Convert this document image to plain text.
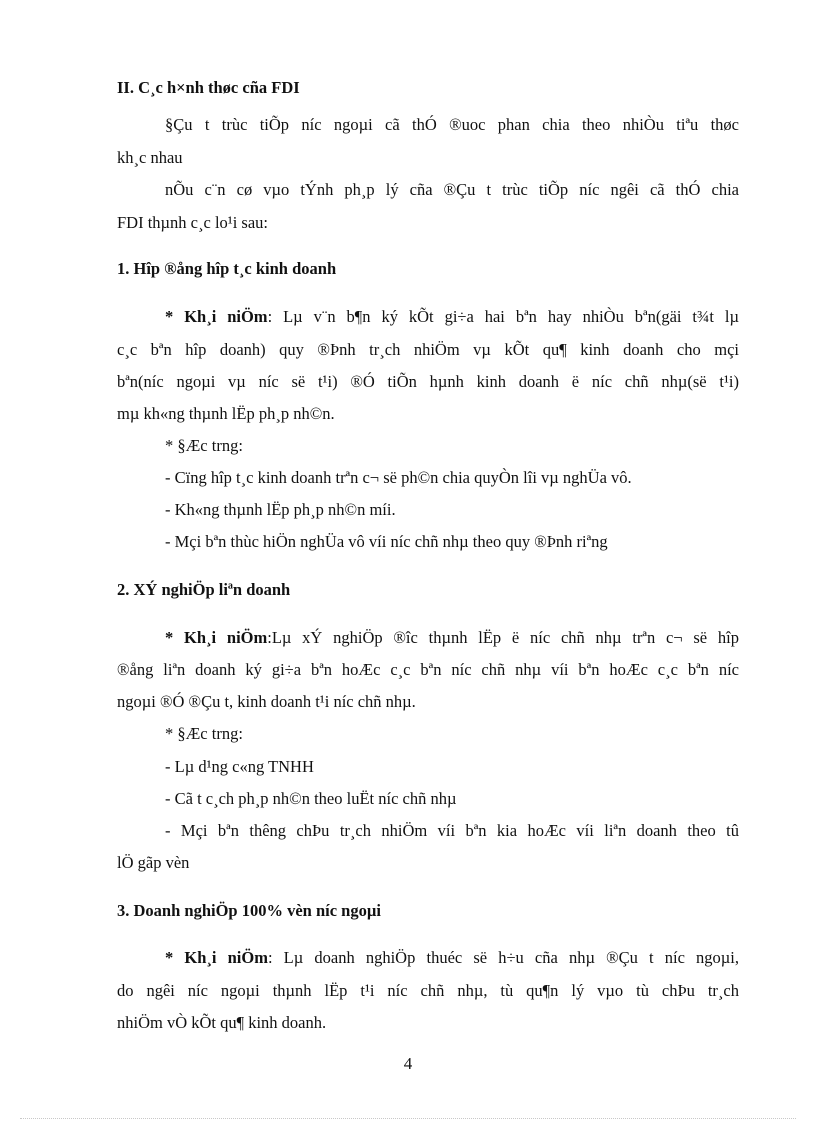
II. C¸c h×nh thøc cña FDI
§Çu t trùc tiÕp níc ngoµi cã thÓ ®uoc phan chia theo nhiÒu tiªu thøc
kh¸c nhau
nÕu c¨n cø vµo tÝnh ph¸p lý cña ®Çu t trùc tiÕp níc ngêi cã thÓ chia
FDI thµnh c¸c lo¹i sau:
1. Hîp ®ång hîp t¸c kinh doanh
* Kh¸i niÖm: Lµ v¨n b¶n ký kÕt gi÷a hai bªn hay nhiÒu bªn(gäi t¾t lµ
c¸c bªn hîp doanh) quy ®Þnh tr¸ch nhiÖm vµ kÕt qu¶ kinh doanh cho mçi
bªn(níc ngoµi vµ níc së t¹i) ®Ó tiÕn hµnh kinh doanh ë níc chñ nhµ(së t¹i)
mµ kh«ng thµnh lËp ph¸p nh©n.
* §Æc trng:
- Cïng hîp t¸c kinh doanh trªn c¬ së ph©n chia quyÒn lîi vµ nghÜa vô.
- Kh«ng thµnh lËp ph¸p nh©n míi.
- Mçi bªn thùc hiÖn nghÜa vô víi níc chñ nhµ theo quy ®Þnh riªng
2. XÝ nghiÖp liªn doanh
* Kh¸i niÖm:Lµ xÝ nghiÖp ®îc thµnh lËp ë níc chñ nhµ trªn c¬ së hîp
®ång liªn doanh ký gi÷a bªn hoÆc c¸c bªn níc chñ nhµ víi bªn hoÆc c¸c bªn níc
ngoµi ®Ó ®Çu t, kinh doanh t¹i níc chñ nhµ.
* §Æc trng:
- Lµ d¹ng c«ng TNHH
- Cã t c¸ch ph¸p nh©n theo luËt níc chñ nhµ
- Mçi bªn thêng chÞu tr¸ch nhiÖm víi bªn kia hoÆc víi liªn doanh theo tû
lÖ gãp vèn
3. Doanh nghiÖp 100% vèn níc ngoµi
* Kh¸i niÖm: Lµ doanh nghiÖp thuéc së h÷u cña nhµ ®Çu t níc ngoµi,
do ngêi níc ngoµi thµnh lËp t¹i níc chñ nhµ, tù qu¶n lý vµo tù chÞu tr¸ch
nhiÖm vÒ kÕt qu¶ kinh doanh.
4
